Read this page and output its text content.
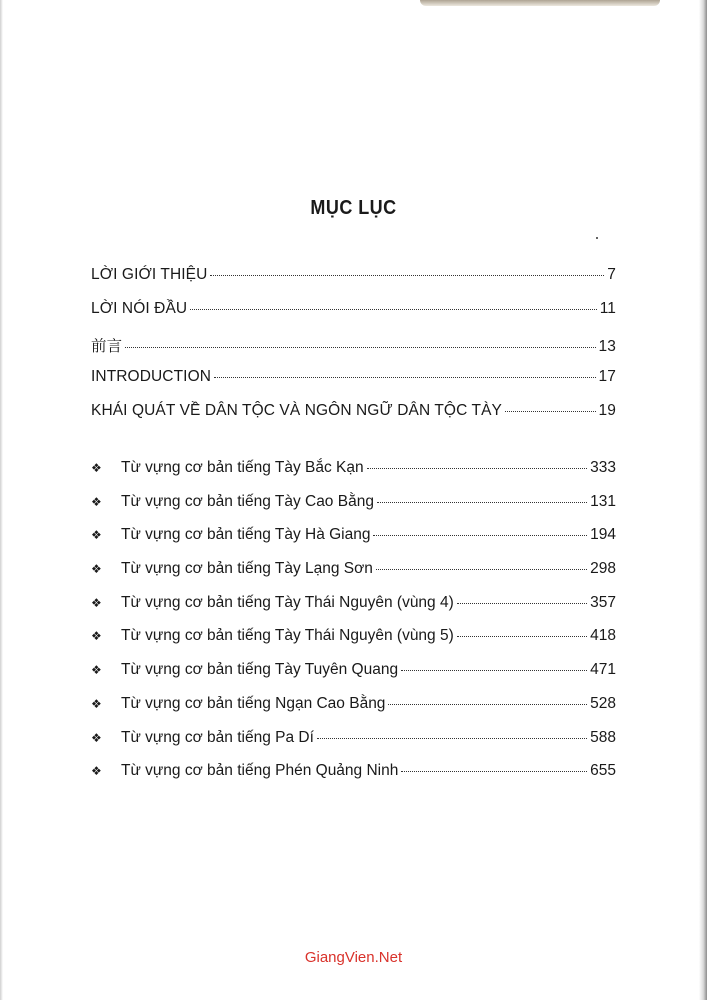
MỤC LỤC
LỜI GIỚI THIỆU	7
LỜI NÓI ĐẦU	11
前言	13
INTRODUCTION	17
KHÁI QUÁT VỀ DÂN TỘC VÀ NGÔN NGỮ DÂN TỘC TÀY	19
❖	Từ vựng cơ bản tiếng Tày Bắc Kạn	333
❖	Từ vựng cơ bản tiếng Tày Cao Bằng	131
❖	Từ vựng cơ bản tiếng Tày Hà Giang	194
❖	Từ vựng cơ bản tiếng Tày Lạng Sơn	298
❖	Từ vựng cơ bản tiếng Tày Thái Nguyên (vùng 4)	357
❖	Từ vựng cơ bản tiếng Tày Thái Nguyên (vùng 5)	418
❖	Từ vựng cơ bản tiếng Tày Tuyên Quang	471
❖	Từ vựng cơ bản tiếng Ngạn Cao Bằng	528
❖	Từ vựng cơ bản tiếng Pa Dí	588
❖	Từ vựng cơ bản tiếng Phén Quảng Ninh	655
GiangVien.Net
